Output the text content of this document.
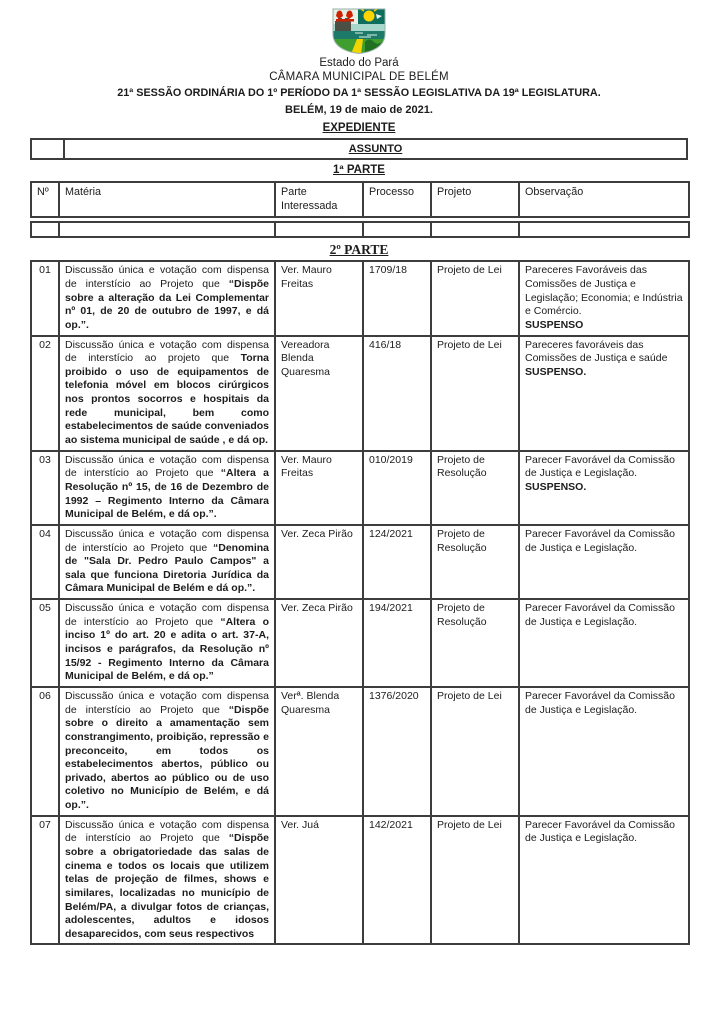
Estado do Pará
CÂMARA MUNICIPAL DE BELÉM
21ª SESSÃO ORDINÁRIA DO 1º PERÍODO DA 1ª SESSÃO LEGISLATIVA DA 19ª LEGISLATURA.
BELÉM, 19 de maio de 2021.
EXPEDIENTE
	ASSUNTO
1ª PARTE
Nº	Matéria	Parte Interessada	Processo	Projeto	Observação

2º PARTE
01	Discussão única e votação com dispensa de interstício ao Projeto que “Dispõe sobre a alteração da Lei Complementar nº 01, de 20 de outubro de 1997, e dá op.”.	Ver. Mauro Freitas	1709/18	Projeto de Lei	Pareceres Favoráveis das Comissões de Justiça e Legislação; Economia; e Indústria e Comércio.
SUSPENSO

02	Discussão única e votação com dispensa de interstício ao projeto que Torna proibido o uso de equipamentos de telefonia móvel em blocos cirúrgicos nos prontos socorros e hospitais da rede municipal, bem como estabelecimentos de saúde conveniados ao sistema municipal de saúde , e dá op.	Vereadora Blenda Quaresma	416/18	Projeto de Lei	Pareceres favoráveis das Comissões de Justiça e saúde
SUSPENSO.

03	Discussão única e votação com dispensa de interstício ao Projeto que “Altera a Resolução nº 15, de 16 de Dezembro de 1992 – Regimento Interno da Câmara Municipal de Belém, e dá op.”.	Ver. Mauro Freitas	010/2019	Projeto de Resolução	Parecer Favorável da Comissão de Justiça e Legislação.
SUSPENSO.

04	Discussão única e votação com dispensa de interstício ao Projeto que “Denomina de "Sala Dr. Pedro Paulo Campos" a sala que funciona Diretoria Jurídica da Câmara Municipal de Belém e dá op.”.	Ver. Zeca Pirão	124/2021	Projeto de Resolução	Parecer Favorável da Comissão de Justiça e Legislação.

05	Discussão única e votação com dispensa de interstício ao Projeto que “Altera o inciso 1º do art. 20 e adita o art. 37-A, incisos e parágrafos, da Resolução nº 15/92 - Regimento Interno da Câmara Municipal de Belém, e dá op.”	Ver. Zeca Pirão	194/2021	Projeto de Resolução	Parecer Favorável da Comissão de Justiça e Legislação.

06	Discussão única e votação com dispensa de interstício ao Projeto que “Dispõe sobre o direito a amamentação sem constrangimento, proibição, repressão e preconceito, em todos os estabelecimentos abertos, público ou privado, abertos ao público ou de uso coletivo no Município de Belém, e dá op.”.	Verª. Blenda Quaresma	1376/2020	Projeto de Lei	Parecer Favorável da Comissão de Justiça e Legislação.

07	Discussão única e votação com dispensa de interstício ao Projeto que “Dispõe sobre a obrigatoriedade das salas de cinema e todos os locais que utilizem telas de projeção de filmes, shows e similares, localizadas no município de Belém/PA, a divulgar fotos de crianças, adolescentes, adultos e idosos desaparecidos, com seus respectivos	Ver. Juá	142/2021	Projeto de Lei	Parecer Favorável da Comissão de Justiça e Legislação.
